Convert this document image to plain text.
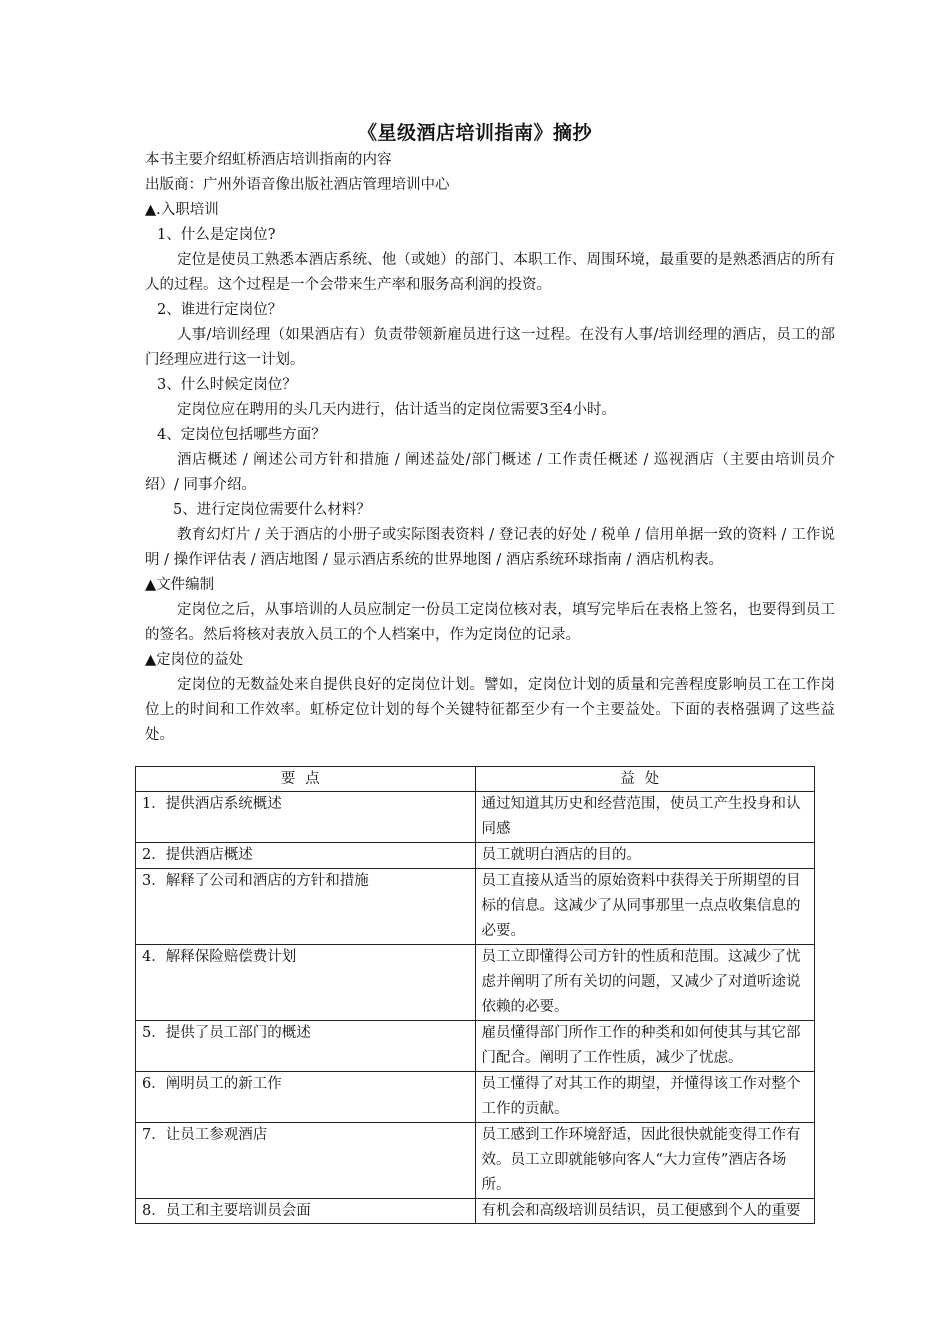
《星级酒店培训指南》摘抄

本书主要介绍虹桥酒店培训指南的内容

出版商：广州外语音像出版社酒店管理培训中心

▲.入职培训

1、什么是定岗位?

定位是使员工熟悉本酒店系统、他（或她）的部门、本职工作、周围环境，最重要的是熟悉酒店的所有人的过程。这个过程是一个会带来生产率和服务高利润的投资。

2、谁进行定岗位？

人事/培训经理（如果酒店有）负责带领新雇员进行这一过程。在没有人事/培训经理的酒店，员工的部门经理应进行这一计划。

3、什么时候定岗位？

定岗位应在聘用的头几天内进行，估计适当的定岗位需要3至4小时。

4、定岗位包括哪些方面？

酒店概述 / 阐述公司方针和措施 / 阐述益处/部门概述 / 工作责任概述 / 巡视酒店（主要由培训员介绍）/ 同事介绍。

5、进行定岗位需要什么材料？

教育幻灯片 / 关于酒店的小册子或实际图表资料 / 登记表的好处 / 税单 / 信用单据一致的资料 / 工作说明 / 操作评估表 / 酒店地图 / 显示酒店系统的世界地图 / 酒店系统环球指南 / 酒店机构表。

▲文件编制

定岗位之后，从事培训的人员应制定一份员工定岗位核对表，填写完毕后在表格上签名，也要得到员工的签名。然后将核对表放入员工的个人档案中，作为定岗位的记录。

▲定岗位的益处

定岗位的无数益处来自提供良好的定岗位计划。譬如，定岗位计划的质量和完善程度影响员工在工作岗位上的时间和工作效率。虹桥定位计划的每个关键特征都至少有一个主要益处。下面的表格强调了这些益处。

要点	益处
1．提供酒店系统概述	通过知道其历史和经营范围，使员工产生投身和认同感
2．提供酒店概述	员工就明白酒店的目的。
3．解释了公司和酒店的方针和措施	员工直接从适当的原始资料中获得关于所期望的目标的信息。这减少了从同事那里一点点收集信息的必要。
4．解释保险赔偿费计划	员工立即懂得公司方针的性质和范围。这减少了忧虑并阐明了所有关切的问题，又减少了对道听途说依赖的必要。
5．提供了员工部门的概述	雇员懂得部门所作工作的种类和如何使其与其它部门配合。阐明了工作性质，减少了忧虑。
6．阐明员工的新工作	员工懂得了对其工作的期望，并懂得该工作对整个工作的贡献。
7．让员工参观酒店	员工感到工作环境舒适，因此很快就能变得工作有效。员工立即就能够向客人“大力宣传”酒店各场所。

8．员工和主要培训员会面	有机会和高级培训员结识，员工便感到个人的重要
